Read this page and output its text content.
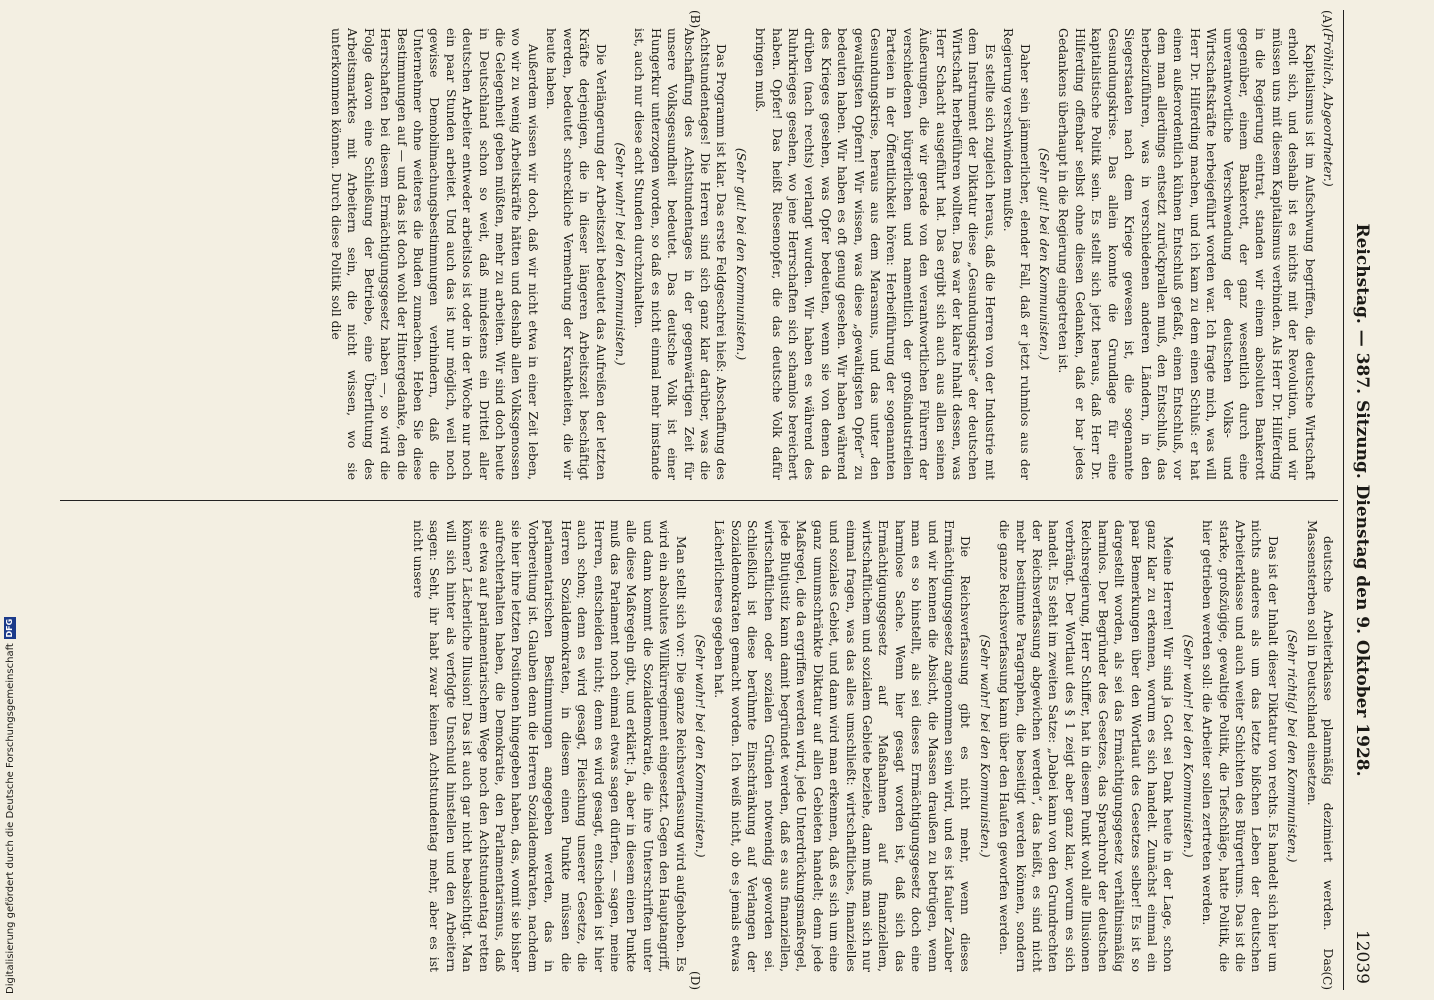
Reichstag. — 387. Sitzung. Dienstag den 9. Oktober 1928.
12039
(A)
(B)
(C)
(D)

(Fröhlich, Abgeordneter.)

Kapitalismus ist im Aufschwung begriffen, die deutsche Wirtschaft erholt sich, und deshalb ist es nichts mit der Revolution, und wir müssen uns mit diesem Kapitalismus verbinden. Als Herr Dr. Hilferding in die Regierung eintrat, standen wir einem absoluten Bankerott gegenüber, einem Bankerott, der ganz wesentlich durch eine unverantwortliche Verschwendung der deutschen Volks- und Wirtschaftskräfte herbeigeführt worden war. Ich fragte mich, was will Herr Dr. Hilferding machen, und ich kam zu dem einen Schluß: er hat einen außerordentlich kühnen Entschluß gefaßt, einen Entschluß, vor dem man allerdings entsetzt zurückprallen muß, den Entschluß, das herbeizuführen, was in verschiedenen anderen Ländern, in den Siegerstaaten nach dem Kriege gewesen ist, die sogenannte Gesundungskrise. Das allein konnte die Grundlage für eine kapitalistische Politik sein. Es stellt sich jetzt heraus, daß Herr Dr. Hilferding offenbar selbst ohne diesen Gedanken, daß er bar jedes Gedankens überhaupt in die Regierung eingetreten ist.

(Sehr gut! bei den Kommunisten.)

Daher sein jämmerlicher, elender Fall, daß er jetzt ruhmlos aus der Regierung verschwinden mußte.

Es stellte sich zugleich heraus, daß die Herren von der Industrie mit dem Instrument der Diktatur diese „Gesundungskrise“ der deutschen Wirtschaft herbeiführen wollten. Das war der klare Inhalt dessen, was Herr Schacht ausgeführt hat. Das ergibt sich auch aus allen seinen Äußerungen, die wir gerade von den verantwortlichen Führern der verschiedenen bürgerlichen und namentlich der großindustriellen Parteien in der Öffentlichkeit hören: Herbeiführung der sogenannten Gesundungskrise, heraus aus dem Marasmus, und das unter den gewaltigsten Opfern! Wir wissen, was diese „gewaltigsten Opfer“ zu bedeuten haben. Wir haben es oft genug gesehen. Wir haben während des Krieges gesehen, was Opfer bedeuten, wenn sie von denen da drüben (nach rechts) verlangt wurden. Wir haben es während des Ruhrkrieges gesehen, wo jene Herrschaften sich schamlos bereichert haben. Opfer! Das heißt Riesenopfer, die das deutsche Volk dafür bringen muß.

(Sehr gut! bei den Kommunisten.)

Das Programm ist klar. Das erste Feldgeschrei hieß: Abschaffung des Achtstundentages! Die Herren sind sich ganz klar darüber, was die Abschaffung des Achtstundentages in der gegenwärtigen Zeit für unsere Volksgesundheit bedeutet. Das deutsche Volk ist einer Hungerkur unterzogen worden, so daß es nicht einmal mehr imstande ist, auch nur diese acht Stunden durchzuhalten.

(Sehr wahr! bei den Kommunisten.)

Die Verlängerung der Arbeitszeit bedeutet das Aufreißen der letzten Kräfte derjenigen, die in dieser längeren Arbeitszeit beschäftigt werden, bedeutet schreckliche Vermehrung der Krankheiten, die wir heute haben.

Außerdem wissen wir doch, daß wir nicht etwa in einer Zeit leben, wo wir zu wenig Arbeitskräfte hätten und deshalb allen Volksgenossen die Gelegenheit geben müßten, mehr zu arbeiten. Wir sind doch heute in Deutschland schon so weit, daß mindestens ein Drittel aller deutschen Arbeiter entweder arbeitslos ist oder in der Woche nur noch ein paar Stunden arbeitet. Und auch das ist nur möglich, weil noch gewisse Demobilmachungsbestimmungen verhindern, daß die Unternehmer ohne weiteres die Buden zumachen. Heben Sie diese Bestimmungen auf — und das ist doch wohl der Hintergedanke, den die Herrschaften bei diesem Ermächtigungsgesetz haben —, so wird die Folge davon eine Schließung der Betriebe, eine Überflutung des Arbeitsmarktes mit Arbeitern sein, die nicht wissen, wo sie unterkommen können. Durch diese Politik soll die

deutsche Arbeiterklasse planmäßig dezimiert werden. Das Massensterben soll in Deutschland einsetzen.

(Sehr richtig! bei den Kommunisten.)

Das ist der Inhalt dieser Diktatur von rechts. Es handelt sich hier um nichts anderes als um das letzte bißchen Leben der deutschen Arbeiterklasse und auch weiter Schichten des Bürgertums. Das ist die starke, großzügige, gewaltige Politik, die Tiefschläge, hatte Politik, die hier getrieben werden soll: die Arbeiter sollen zertreten werden.

(Sehr wahr! bei den Kommunisten.)

Meine Herren! Wir sind ja Gott sei Dank heute in der Lage, schon ganz klar zu erkennen, worum es sich handelt. Zunächst einmal ein paar Bemerkungen über den Wortlaut des Gesetzes selber! Es ist so dargestellt worden, als sei das Ermächtigungsgesetz verhältnismäßig harmlos. Der Begründer des Gesetzes, das Sprachrohr der deutschen Reichsregierung, Herr Schiffer, hat in diesem Punkt wohl alle Illusionen verbrängt. Der Wortlaut des § 1 zeigt aber ganz klar, worum es sich handelt. Es steht im zweiten Satze: „Dabei kann von den Grundrechten der Reichsverfassung abgewichen werden“, das heißt, es sind nicht mehr bestimmte Paragraphen, die beseitigt werden können, sondern die ganze Reichsverfassung kann über den Haufen geworfen werden.

(Sehr wahr! bei den Kommunisten.)

Die Reichsverfassung gibt es nicht mehr, wenn dieses Ermächtigungsgesetz angenommen sein wird, und es ist fauler Zauber und wir kennen die Absicht, die Massen draußen zu betrügen, wenn man es so hinstellt, als sei dieses Ermächtigungsgesetz doch eine harmlose Sache. Wenn hier gesagt worden ist, daß sich das Ermächtigungsgesetz auf Maßnahmen auf finanziellem, wirtschaftlichem und sozialem Gebiete beziehe, dann muß man sich nur einmal fragen, was das alles umschließt: wirtschaftliches, finanzielles und soziales Gebiet, und dann wird man erkennen, daß es sich um eine ganz umumschränkte Diktatur auf allen Gebieten handelt; denn jede Maßregel, die da ergriffen werden wird, jede Unterdrückungsmaßregel, jede Blutjustiz kann damit begründet werden, daß es aus finanziellen, wirtschaftlichen oder sozialen Gründen notwendig geworden sei. Schließlich ist diese berühmte Einschränkung auf Verlangen der Sozialdemokraten gemacht worden. Ich weiß nicht, ob es jemals etwas Lächerlicheres gegeben hat.

(Sehr wahr! bei den Kommunisten.)

Man stellt sich vor: Die ganze Reichsverfassung wird aufgehoben. Es wird ein absolutes Willkürregiment eingesetzt. Gegen den Hauptangriff, und dann kommt die Sozialdemokratie, die ihre Unterschriften unter alle diese Maßregeln gibt, und erklärt: Ja, aber in diesem einen Punkte muß das Parlament noch einmal etwas sagen dürfen, — sagen, meine Herren, entscheiden nicht; denn es wird gesagt, entscheiden ist hier auch schon; denn es wird gesagt, Fleischung unserer Gesetze, die Herren Sozialdemokraten, in diesem einen Punkte müssen die parlamentarischen Bestimmungen angegeben werden, das in Vorbereitung ist. Glauben denn die Herren Sozialdemokraten, nachdem sie hier ihre letzten Positionen hingegeben haben, das, womit sie bisher aufrechterhalten haben, die Demokratie, den Parlamentarismus, daß sie etwa auf parlamentarischem Wege noch den Achtstundentag retten können? Lächerliche Illusion! Das ist auch gar nicht beabsichtigt. Man will sich hinter als verfolgte Unschuld hinstellen und den Arbeitern sagen: Seht, ihr habt zwar keinen Achtstundentag mehr, aber es ist nicht unsere

Digitalisierung gefördert durch die Deutsche Forschungsgemeinschaft
DFG
